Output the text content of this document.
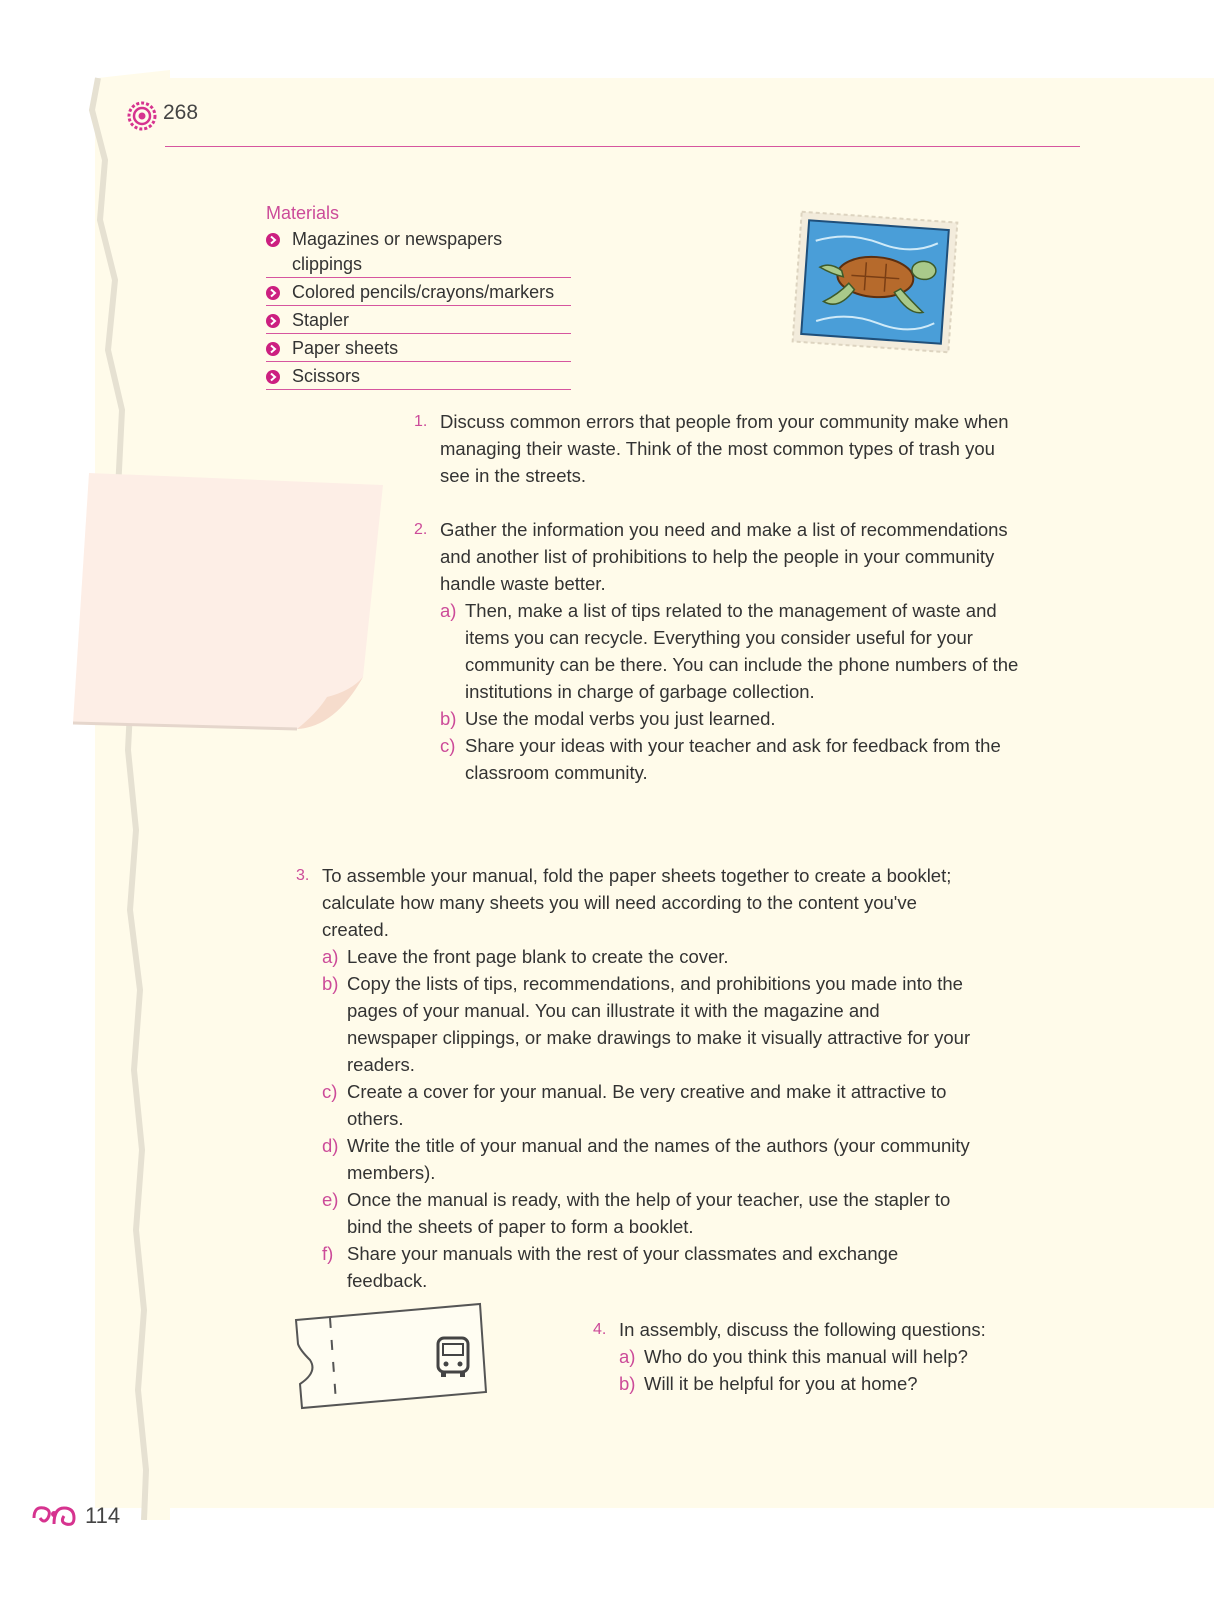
268
Materials
Magazines or newspapers clippings
Colored pencils/crayons/markers
Stapler
Paper sheets
Scissors
1. Discuss common errors that people from your community make when managing their waste. Think of the most common types of trash you see in the streets.
2. Gather the information you need and make a list of recommendations and another list of prohibitions to help the people in your community handle waste better.
a) Then, make a list of tips related to the management of waste and items you can recycle. Everything you consider useful for your community can be there. You can include the phone numbers of the institutions in charge of garbage collection.
b) Use the modal verbs you just learned.
c) Share your ideas with your teacher and ask for feedback from the classroom community.
3. To assemble your manual, fold the paper sheets together to create a booklet; calculate how many sheets you will need according to the content you've created.
a) Leave the front page blank to create the cover.
b) Copy the lists of tips, recommendations, and prohibitions you made into the pages of your manual. You can illustrate it with the magazine and newspaper clippings, or make drawings to make it visually attractive for your readers.
c) Create a cover for your manual. Be very creative and make it attractive to others.
d) Write the title of your manual and the names of the authors (your community members).
e) Once the manual is ready, with the help of your teacher, use the stapler to bind the sheets of paper to form a booklet.
f) Share your manuals with the rest of your classmates and exchange feedback.
4. In assembly, discuss the following questions:
a) Who do you think this manual will help?
b) Will it be helpful for you at home?
114
